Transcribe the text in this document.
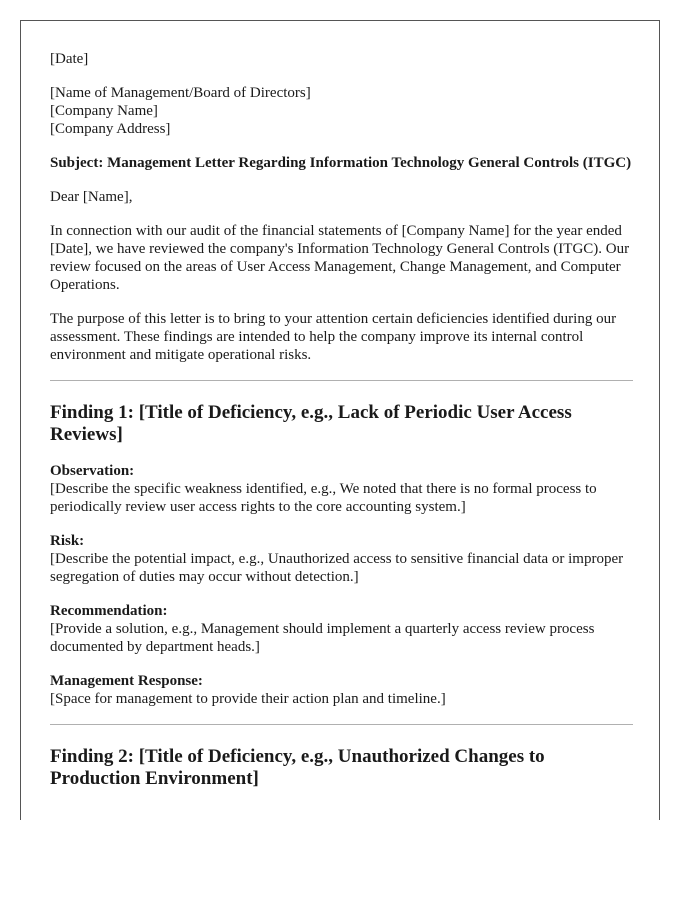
[Date]

[Name of Management/Board of Directors]

[Company Name]

[Company Address]

Subject: Management Letter Regarding Information Technology General Controls (ITGC)

Dear [Name],

In connection with our audit of the financial statements of [Company Name] for the year ended [Date], we have reviewed the company's Information Technology General Controls (ITGC). Our review focused on the areas of User Access Management, Change Management, and Computer Operations.

The purpose of this letter is to bring to your attention certain deficiencies identified during our assessment. These findings are intended to help the company improve its internal control environment and mitigate operational risks.

Finding 1: [Title of Deficiency, e.g., Lack of Periodic User Access Reviews]
Observation:
[Describe the specific weakness identified, e.g., We noted that there is no formal process to periodically review user access rights to the core accounting system.]
Risk:
[Describe the potential impact, e.g., Unauthorized access to sensitive financial data or improper segregation of duties may occur without detection.]
Recommendation:
[Provide a solution, e.g., Management should implement a quarterly access review process documented by department heads.]
Management Response:
[Space for management to provide their action plan and timeline.]
Finding 2: [Title of Deficiency, e.g., Unauthorized Changes to Production Environment]
